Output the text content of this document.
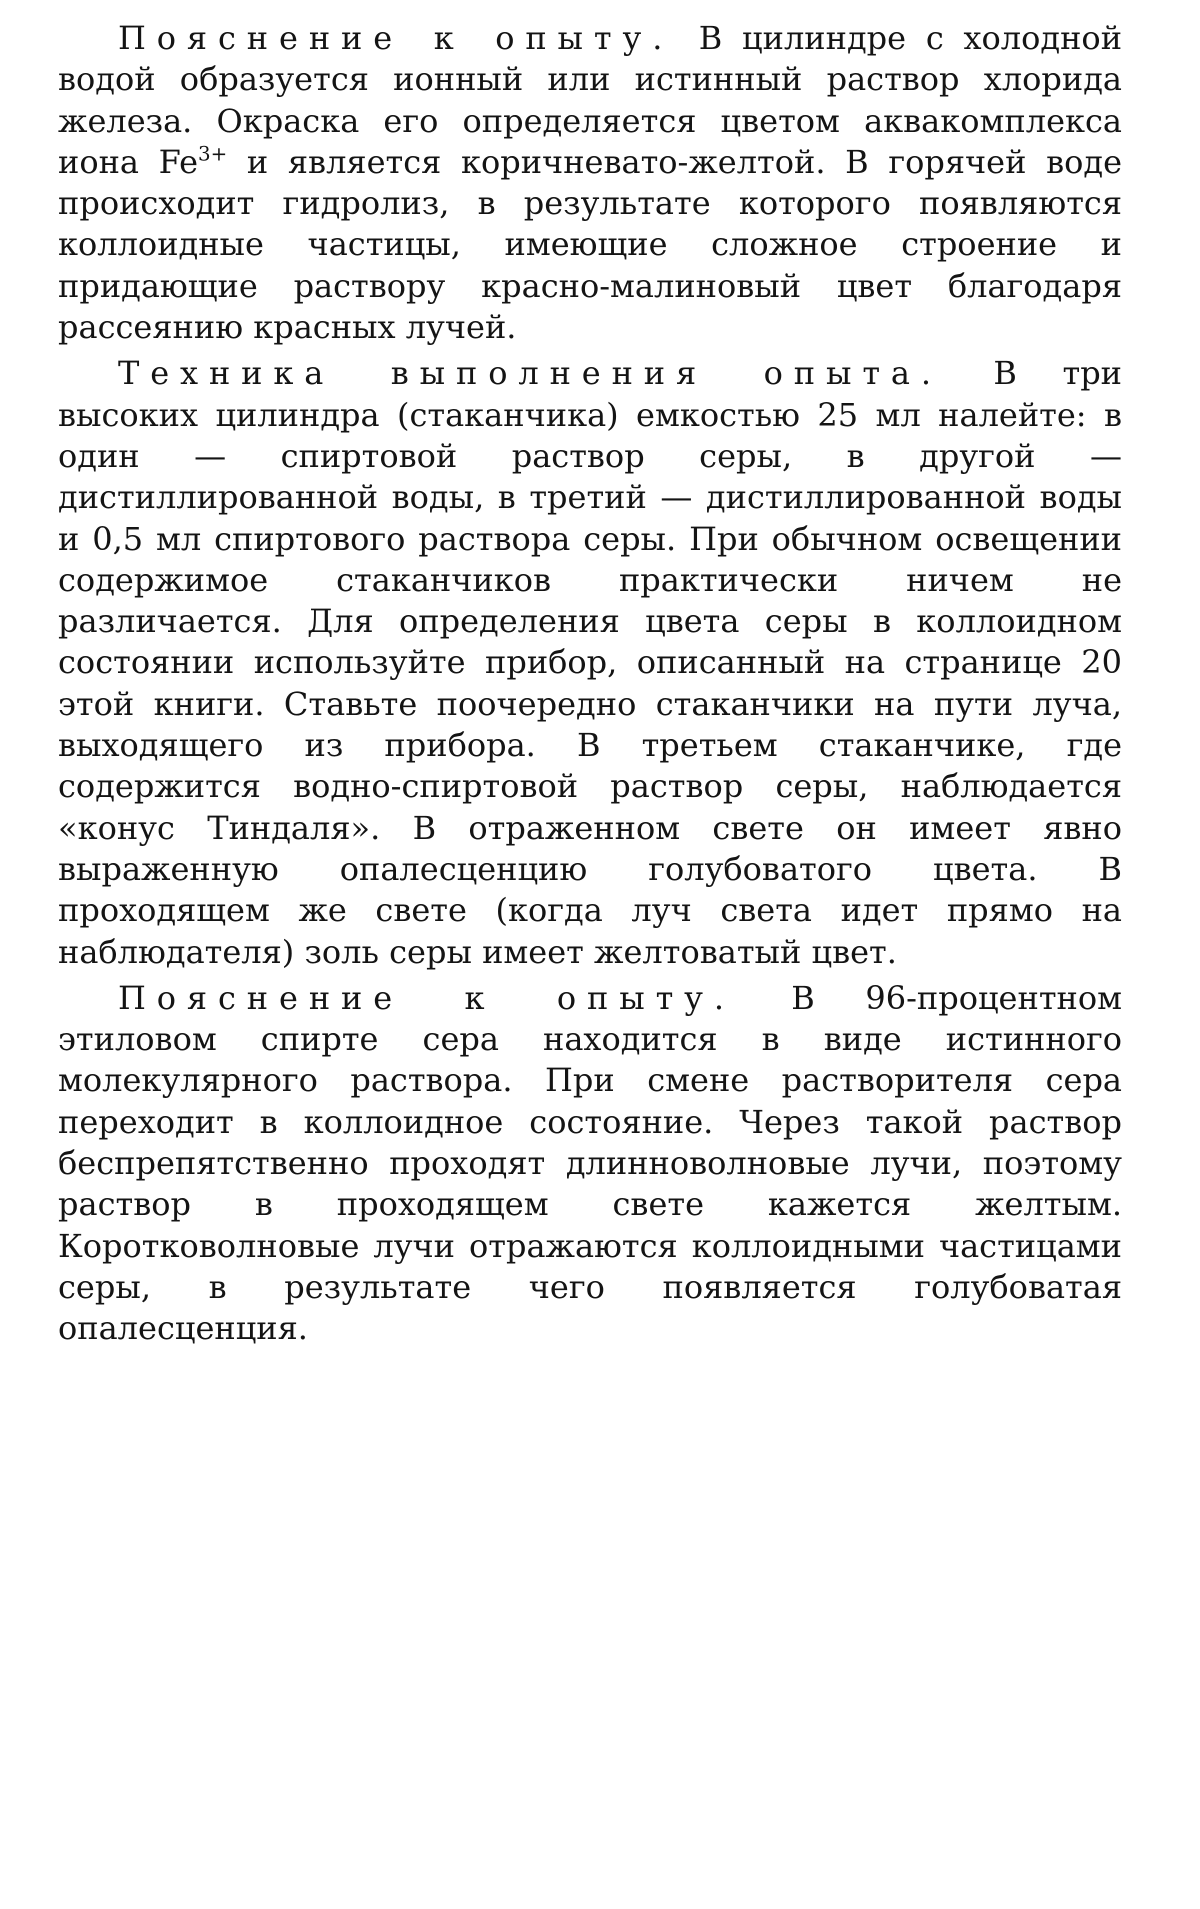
Пояснение к опыту. В цилиндре с холодной водой образуется ионный или истинный раствор хлорида железа. Окраска его определяется цветом аквакомплекса иона $Fe^{3+}$ и является коричневато-желтой. В горячей воде происходит гидролиз, в результате которого появляются коллоидные частицы, имеющие сложное строение и придающие раствору красно-малиновый цвет благодаря рассеянию красных лучей.

Техника выполнения опыта. В три высоких цилиндра (стаканчика) емкостью 25 мл налейте: в один — спиртовой раствор серы, в другой — дистиллированной воды, в третий — дистиллированной воды и 0,5 мл спиртового раствора серы. При обычном освещении содержимое стаканчиков практически ничем не различается. Для определения цвета серы в коллоидном состоянии используйте прибор, описанный на странице 20 этой книги. Ставьте поочередно стаканчики на пути луча, выходящего из прибора. В третьем стаканчике, где содержится водно-спиртовой раствор серы, наблюдается «конус Тиндаля». В отраженном свете он имеет явно выраженную опалесценцию голубоватого цвета. В проходящем же свете (когда луч света идет прямо на наблюдателя) золь серы имеет желтоватый цвет.

Пояснение к опыту. В 96-процентном этиловом спирте сера находится в виде истинного молекулярного раствора. При смене растворителя сера переходит в коллоидное состояние. Через такой раствор беспрепятственно проходят длинноволновые лучи, поэтому раствор в проходящем свете кажется желтым. Коротковолновые лучи отражаются коллоидными частицами серы, в результате чего появляется голубоватая опалесценция.
